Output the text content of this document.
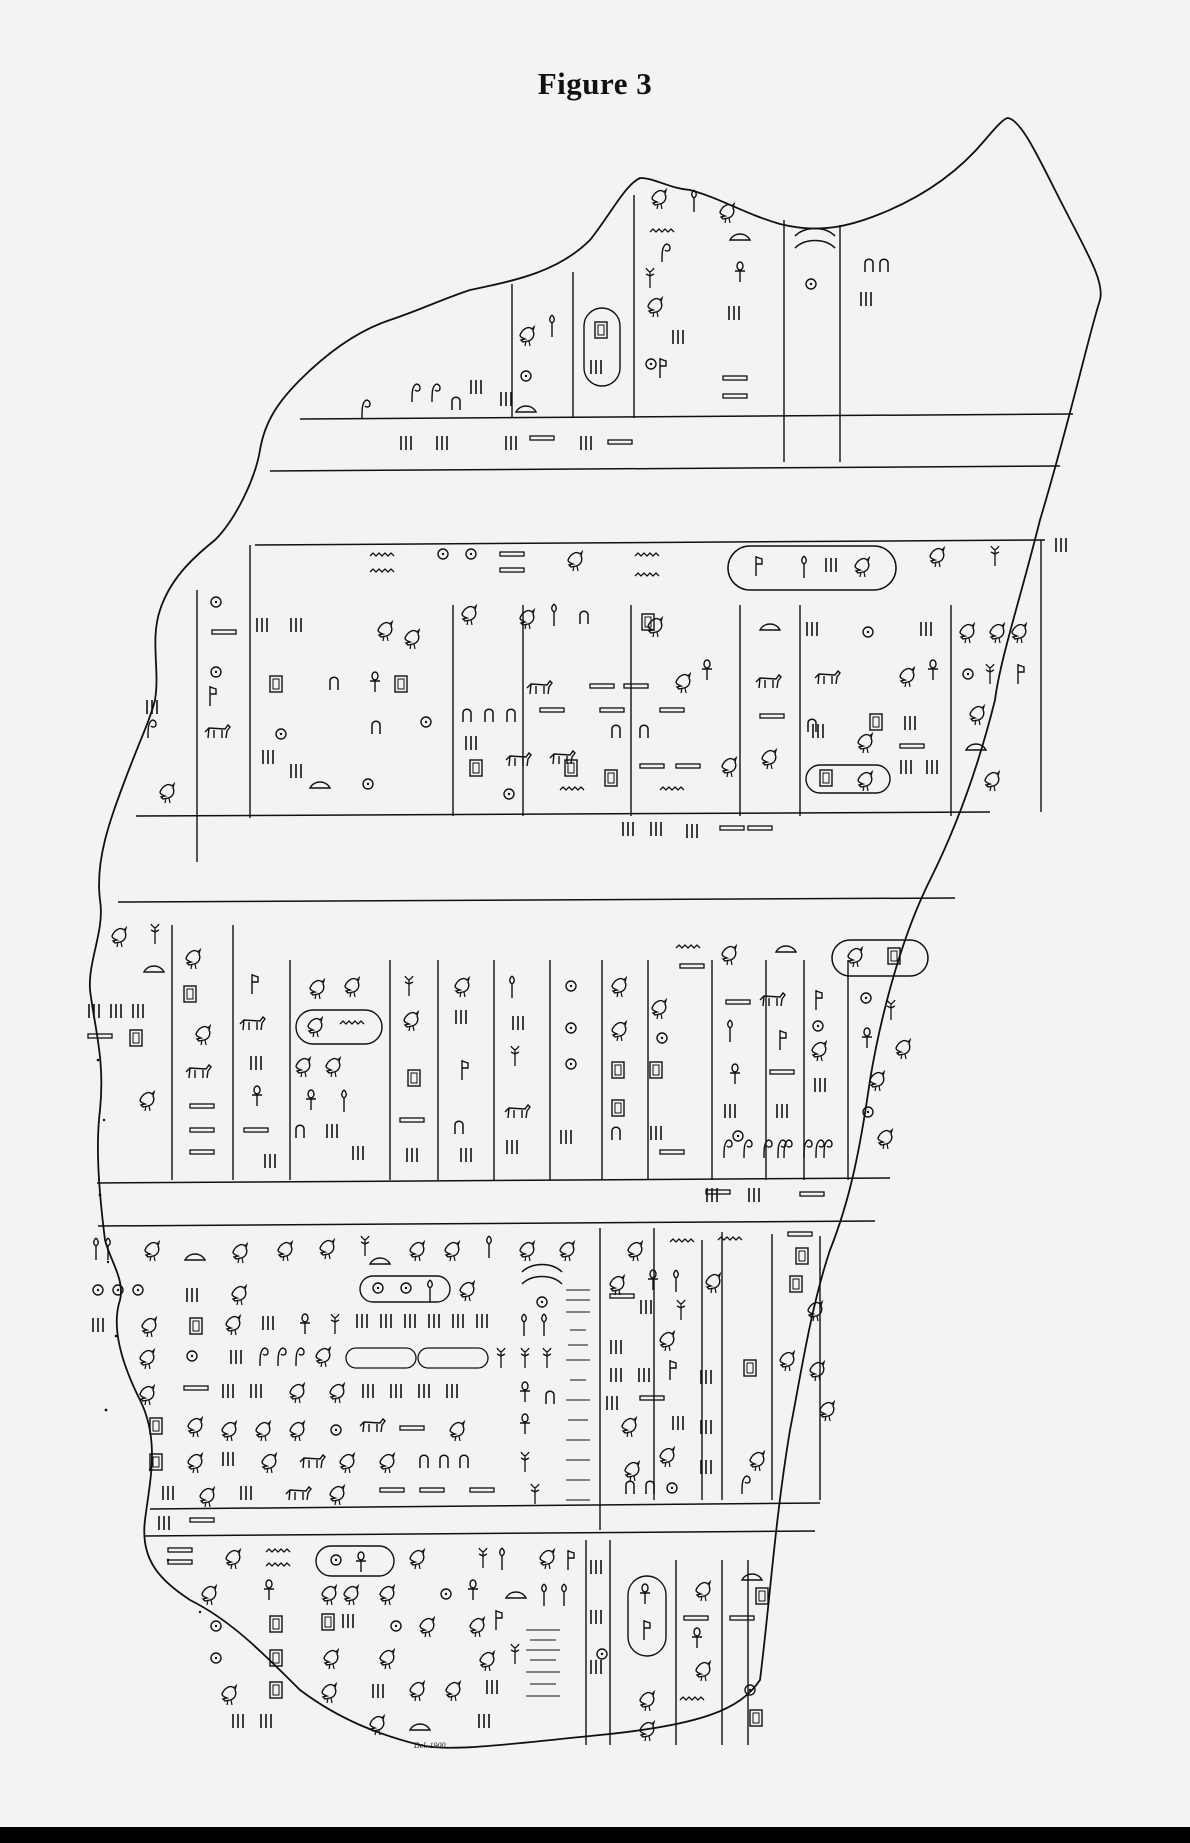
Figure 3
Del. 1900
